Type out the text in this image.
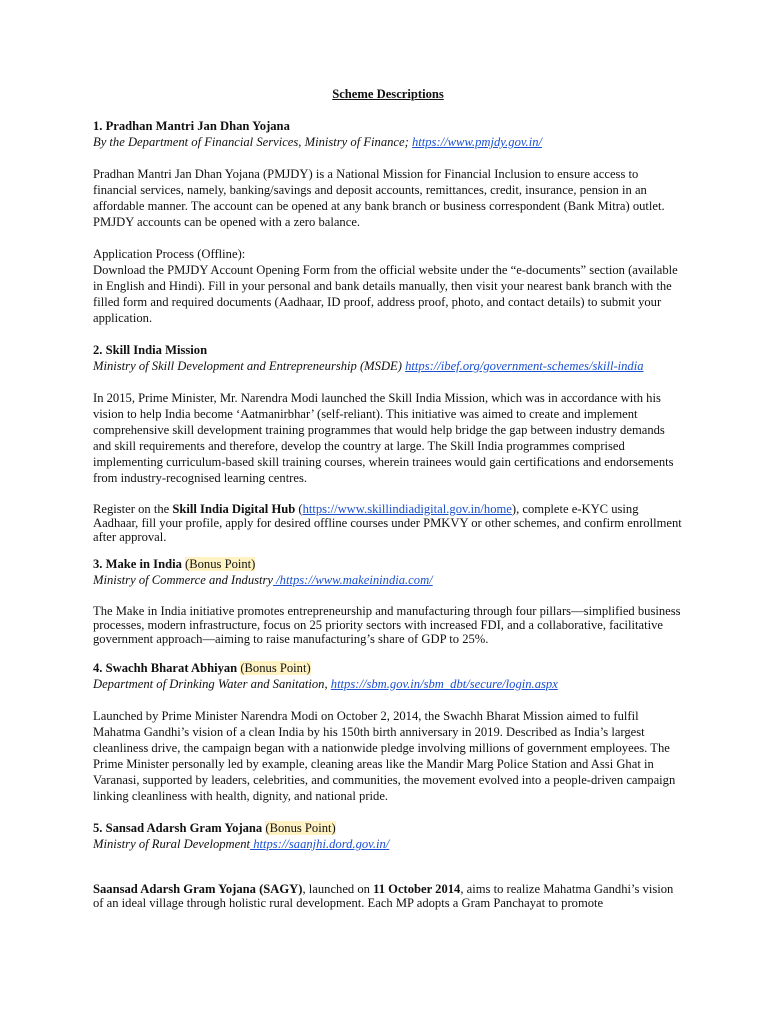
Scheme Descriptions

1. Pradhan Mantri Jan Dhan Yojana

By the Department of Financial Services, Ministry of Finance; https://www.pmjdy.gov.in/

Pradhan Mantri Jan Dhan Yojana (PMJDY) is a National Mission for Financial Inclusion to ensure access to financial services, namely, banking/savings and deposit accounts, remittances, credit, insurance, pension in an affordable manner. The account can be opened at any bank branch or business correspondent (Bank Mitra) outlet. PMJDY accounts can be opened with a zero balance.

Application Process (Offline):

Download the PMJDY Account Opening Form from the official website under the “e-documents” section (available in English and Hindi). Fill in your personal and bank details manually, then visit your nearest bank branch with the filled form and required documents (Aadhaar, ID proof, address proof, photo, and contact details) to submit your application.

2. Skill India Mission

Ministry of Skill Development and Entrepreneurship (MSDE) https://ibef.org/government-schemes/skill-india

In 2015, Prime Minister, Mr. Narendra Modi launched the Skill India Mission, which was in accordance with his vision to help India become ‘Aatmanirbhar’ (self-reliant). This initiative was aimed to create and implement comprehensive skill development training programmes that would help bridge the gap between industry demands and skill requirements and therefore, develop the country at large. The Skill India programmes comprised implementing curriculum-based skill training courses, wherein trainees would gain certifications and endorsements from industry-recognised learning centres.

Register on the Skill India Digital Hub (https://www.skillindiadigital.gov.in/home), complete e-KYC using Aadhaar, fill your profile, apply for desired offline courses under PMKVY or other schemes, and confirm enrollment after approval.

3. Make in India (Bonus Point)

Ministry of Commerce and Industry /https://www.makeinindia.com/

The Make in India initiative promotes entrepreneurship and manufacturing through four pillars—simplified business processes, modern infrastructure, focus on 25 priority sectors with increased FDI, and a collaborative, facilitative government approach—aiming to raise manufacturing’s share of GDP to 25%.

4. Swachh Bharat Abhiyan (Bonus Point)

Department of Drinking Water and Sanitation, https://sbm.gov.in/sbm_dbt/secure/login.aspx

Launched by Prime Minister Narendra Modi on October 2, 2014, the Swachh Bharat Mission aimed to fulfil Mahatma Gandhi’s vision of a clean India by his 150th birth anniversary in 2019. Described as India’s largest cleanliness drive, the campaign began with a nationwide pledge involving millions of government employees. The Prime Minister personally led by example, cleaning areas like the Mandir Marg Police Station and Assi Ghat in Varanasi, supported by leaders, celebrities, and communities, the movement evolved into a people-driven campaign linking cleanliness with health, dignity, and national pride.

5. Sansad Adarsh Gram Yojana (Bonus Point)

Ministry of Rural Development https://saanjhi.dord.gov.in/

Saansad Adarsh Gram Yojana (SAGY), launched on 11 October 2014, aims to realize Mahatma Gandhi’s vision of an ideal village through holistic rural development. Each MP adopts a Gram Panchayat to promote
